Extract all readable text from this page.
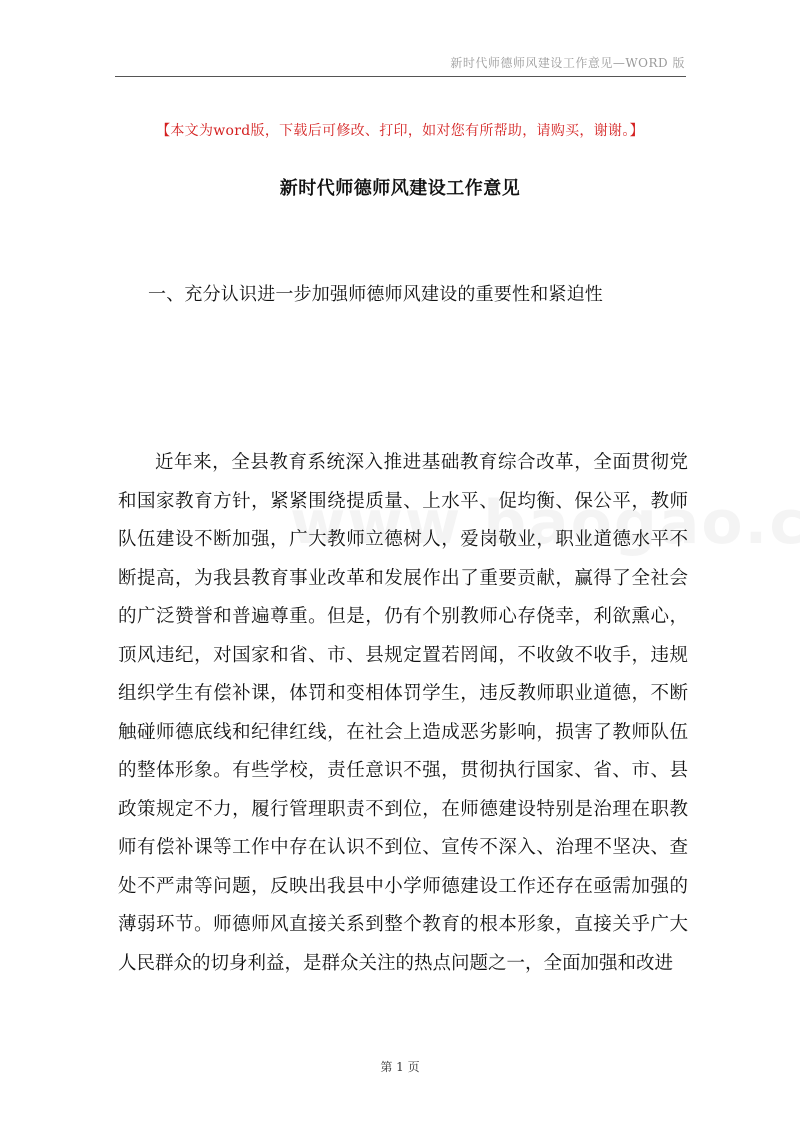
新时代师德师风建设工作意见—WORD 版
【本文为word版，下载后可修改、打印，如对您有所帮助，请购买，谢谢。】
新时代师德师风建设工作意见
一、充分认识进一步加强师德师风建设的重要性和紧迫性

近年来，全县教育系统深入推进基础教育综合改革，全面贯彻党和国家教育方针，紧紧围绕提质量、上水平、促均衡、保公平，教师队伍建设不断加强，广大教师立德树人，爱岗敬业，职业道德水平不断提高，为我县教育事业改革和发展作出了重要贡献，赢得了全社会的广泛赞誉和普遍尊重。但是，仍有个别教师心存侥幸，利欲熏心，顶风违纪，对国家和省、市、县规定置若罔闻，不收敛不收手，违规组织学生有偿补课，体罚和变相体罚学生，违反教师职业道德，不断触碰师德底线和纪律红线，在社会上造成恶劣影响，损害了教师队伍的整体形象。有些学校，责任意识不强，贯彻执行国家、省、市、县政策规定不力，履行管理职责不到位，在师德建设特别是治理在职教师有偿补课等工作中存在认识不到位、宣传不深入、治理不坚决、查处不严肃等问题，反映出我县中小学师德建设工作还存在亟需加强的薄弱环节。师德师风直接关系到整个教育的根本形象，直接关乎广大人民群众的切身利益，是群众关注的热点问题之一，全面加强和改进

第 1 页
